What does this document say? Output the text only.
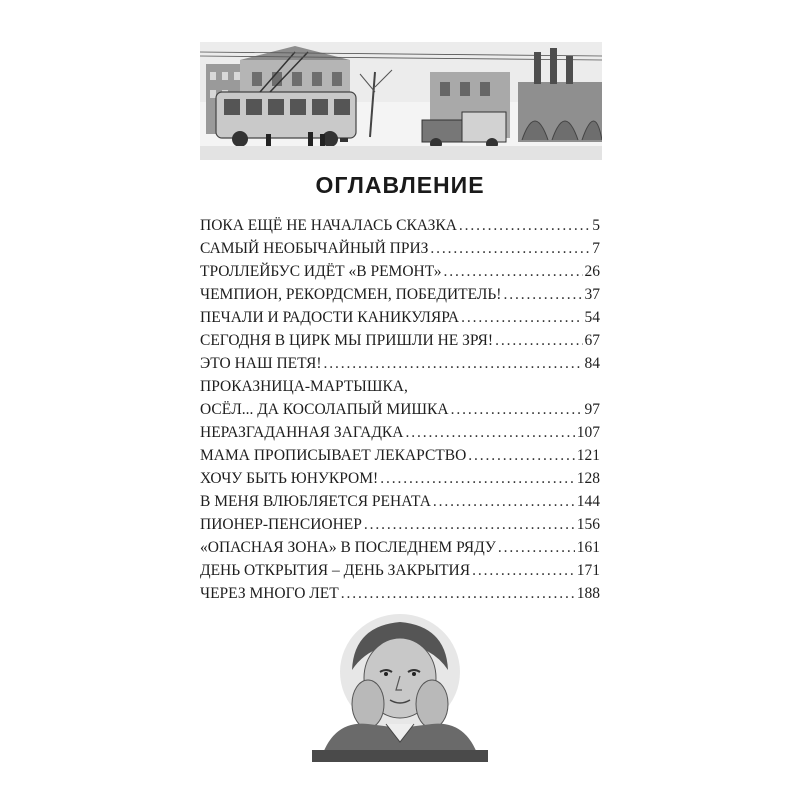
ОГЛАВЛЕНИЕ
ПОКА ЕЩЁ НЕ НАЧАЛАСЬ СКАЗКА . . .	5
САМЫЙ НЕОБЫЧАЙНЫЙ ПРИЗ . . .	7
ТРОЛЛЕЙБУС ИДЁТ «В РЕМОНТ» . . .	26
ЧЕМПИОН, РЕКОРДСМЕН, ПОБЕДИТЕЛЬ! . . .	37
ПЕЧАЛИ И РАДОСТИ КАНИКУЛЯРА . . .	54
СЕГОДНЯ В ЦИРК МЫ ПРИШЛИ НЕ ЗРЯ! . . .	67
ЭТО НАШ ПЕТЯ! . . .	84
ПРОКАЗНИЦА-МАРТЫШКА,
ОСЁЛ... ДА КОСОЛАПЫЙ МИШКА . . .	97
НЕРАЗГАДАННАЯ ЗАГАДКА . . .	107
МАМА ПРОПИСЫВАЕТ ЛЕКАРСТВО . . .	121
ХОЧУ БЫТЬ ЮНУКРОМ! . . .	128
В МЕНЯ ВЛЮБЛЯЕТСЯ РЕНАТА . . .	144
ПИОНЕР-ПЕНСИОНЕР . . .	156
«ОПАСНАЯ ЗОНА» В ПОСЛЕДНЕМ РЯДУ . . .	161
ДЕНЬ ОТКРЫТИЯ – ДЕНЬ ЗАКРЫТИЯ . . .	171
ЧЕРЕЗ МНОГО ЛЕТ . . .	188
